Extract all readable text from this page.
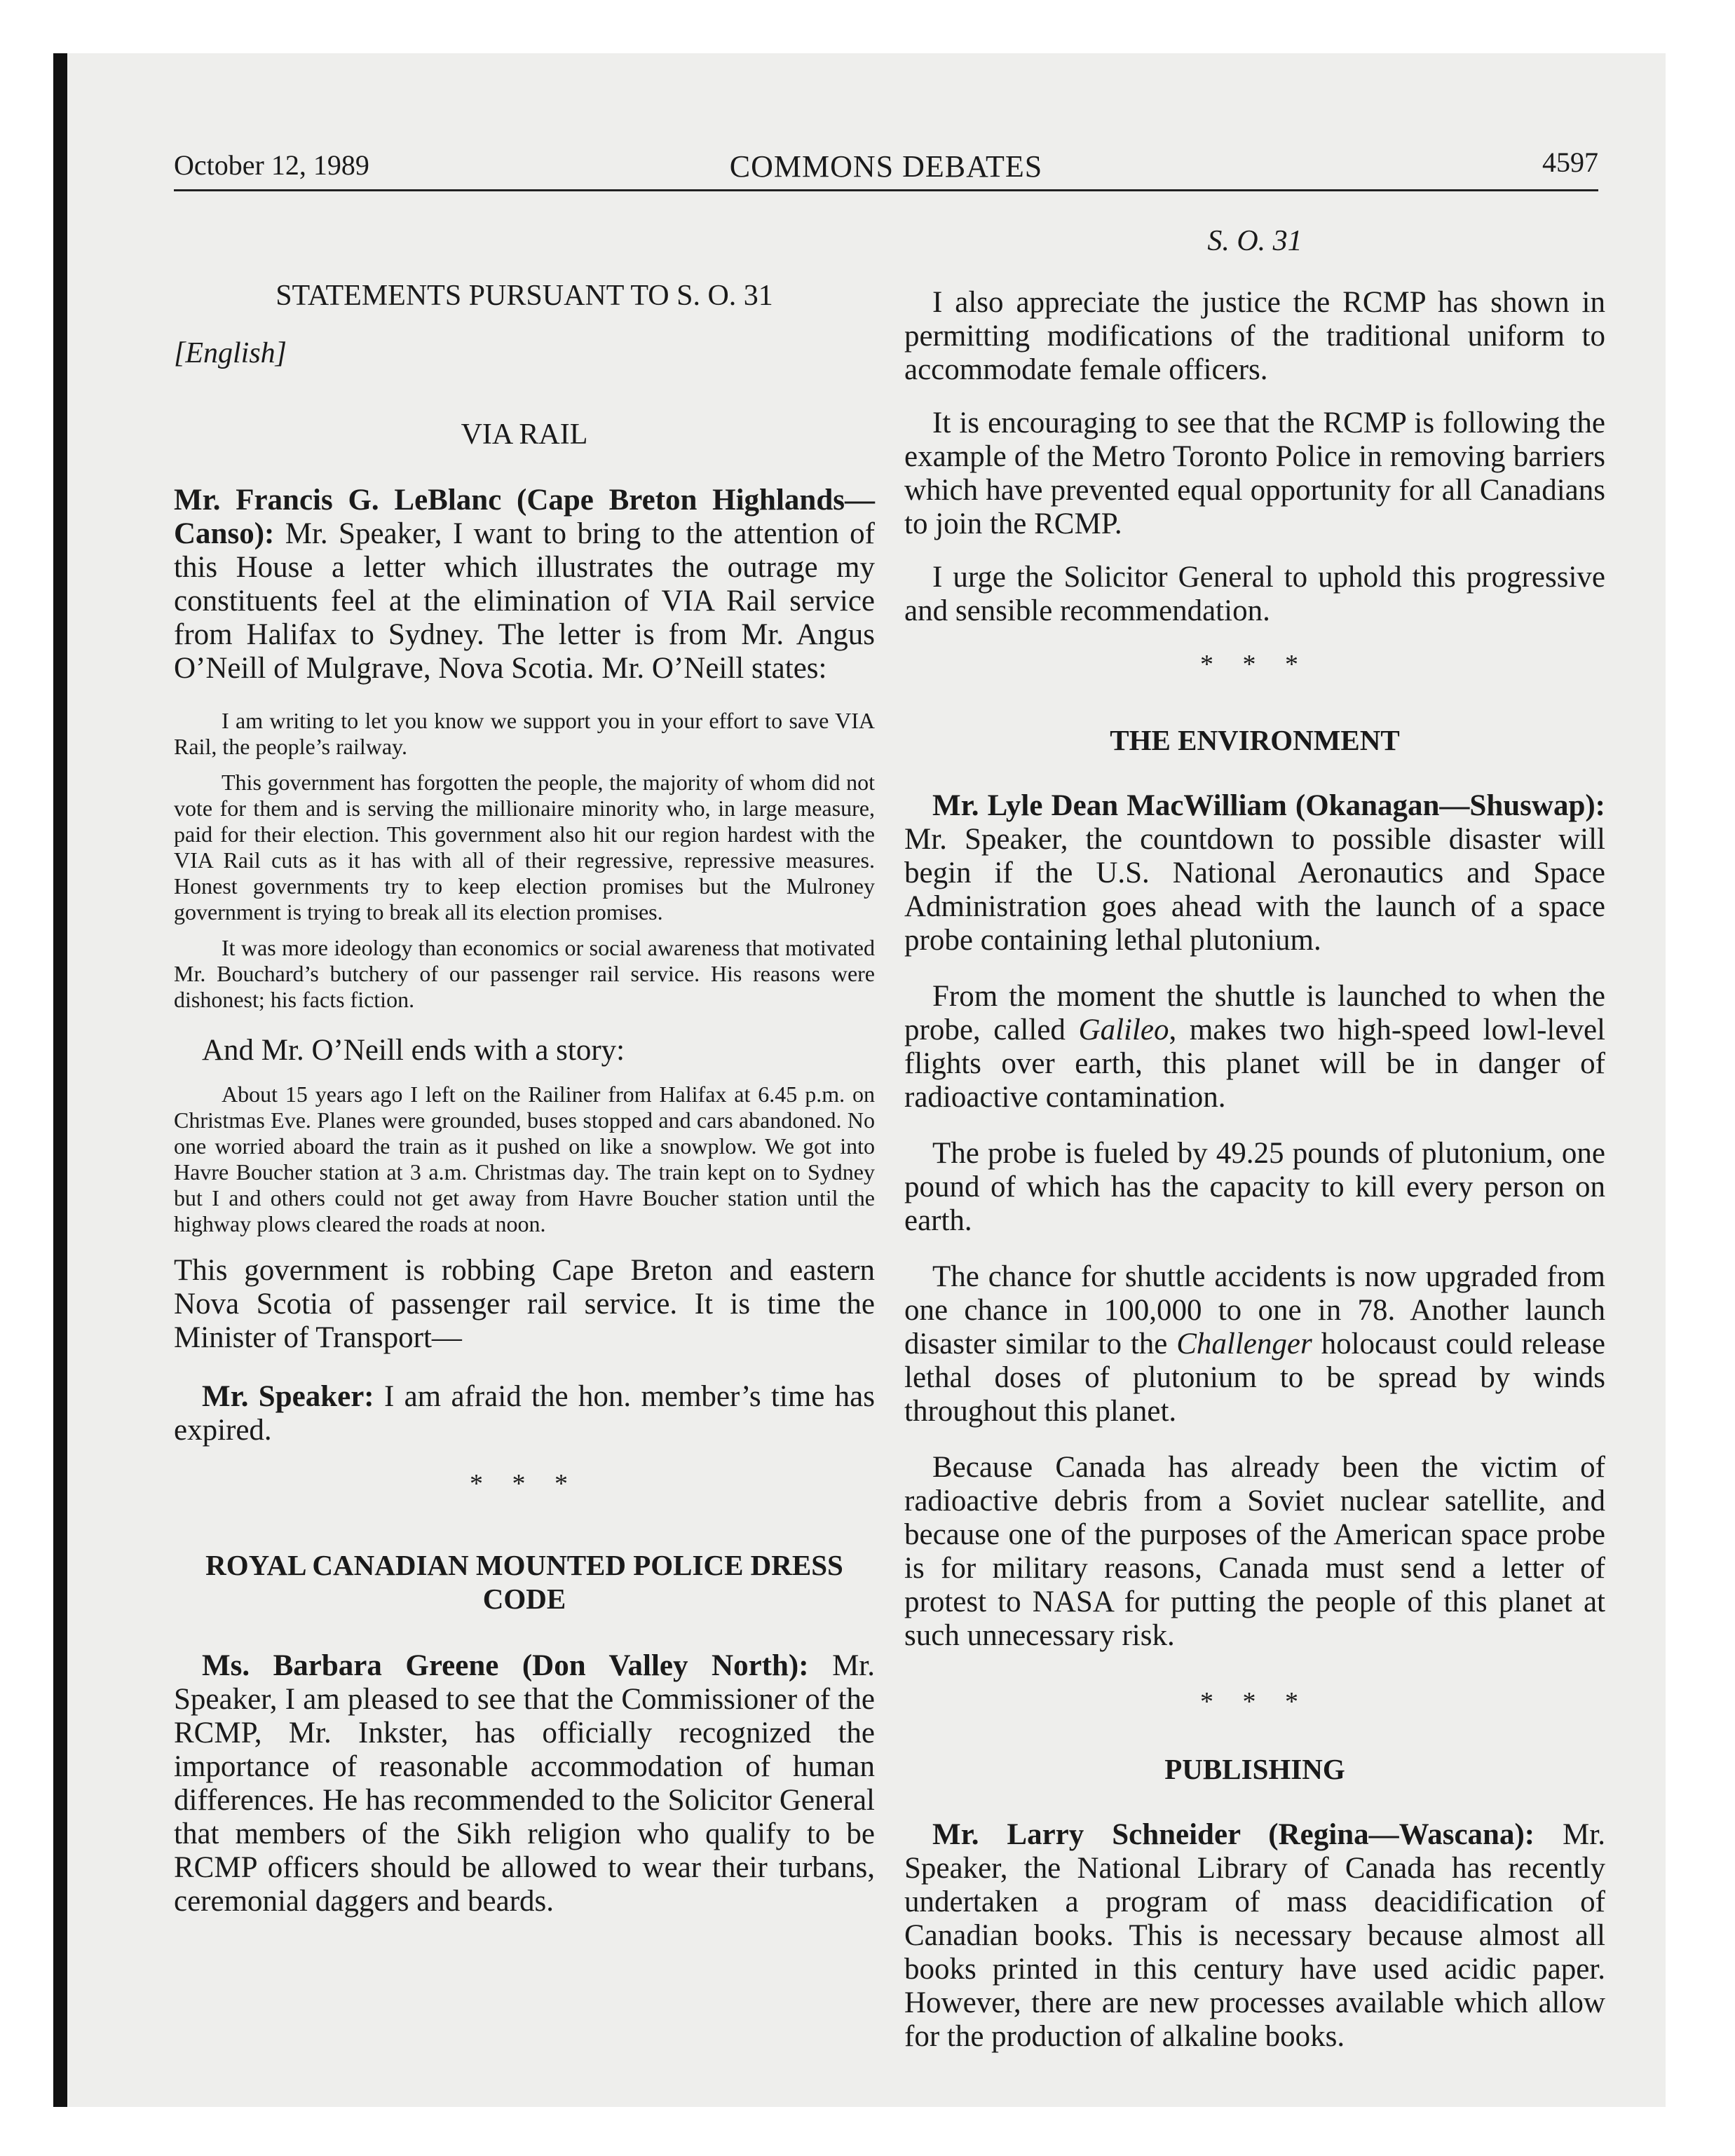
October 12, 1989	COMMONS DEBATES	4597
STATEMENTS PURSUANT TO S. O. 31
[English]
VIA RAIL

Mr. Francis G. LeBlanc (Cape Breton Highlands—Canso): Mr. Speaker, I want to bring to the attention of this House a letter which illustrates the outrage my constituents feel at the elimination of VIA Rail service from Halifax to Sydney. The letter is from Mr. Angus O’Neill of Mulgrave, Nova Scotia. Mr. O’Neill states:

I am writing to let you know we support you in your effort to save VIA Rail, the people’s railway.

This government has forgotten the people, the majority of whom did not vote for them and is serving the millionaire minority who, in large measure, paid for their election. This government also hit our region hardest with the VIA Rail cuts as it has with all of their regressive, repressive measures. Honest governments try to keep election promises but the Mulroney government is trying to break all its election promises.

It was more ideology than economics or social awareness that motivated Mr. Bouchard’s butchery of our passenger rail service. His reasons were dishonest; his facts fiction.

And Mr. O’Neill ends with a story:

About 15 years ago I left on the Railiner from Halifax at 6.45 p.m. on Christmas Eve. Planes were grounded, buses stopped and cars abandoned. No one worried aboard the train as it pushed on like a snowplow. We got into Havre Boucher station at 3 a.m. Christmas day. The train kept on to Sydney but I and others could not get away from Havre Boucher station until the highway plows cleared the roads at noon.

This government is robbing Cape Breton and eastern Nova Scotia of passenger rail service. It is time the Minister of Transport—

Mr. Speaker: I am afraid the hon. member’s time has expired.

* * *
ROYAL CANADIAN MOUNTED POLICE DRESS CODE

Ms. Barbara Greene (Don Valley North): Mr. Speaker, I am pleased to see that the Commissioner of the RCMP, Mr. Inkster, has officially recognized the importance of reasonable accommodation of human differences. He has recommended to the Solicitor General that members of the Sikh religion who qualify to be RCMP officers should be allowed to wear their turbans, ceremonial daggers and beards.

S. O. 31

I also appreciate the justice the RCMP has shown in permitting modifications of the traditional uniform to accommodate female officers.

It is encouraging to see that the RCMP is following the example of the Metro Toronto Police in removing barriers which have prevented equal opportunity for all Canadians to join the RCMP.

I urge the Solicitor General to uphold this progressive and sensible recommendation.

* * *
THE ENVIRONMENT

Mr. Lyle Dean MacWilliam (Okanagan—Shuswap): Mr. Speaker, the countdown to possible disaster will begin if the U.S. National Aeronautics and Space Administration goes ahead with the launch of a space probe containing lethal plutonium.

From the moment the shuttle is launched to when the probe, called Galileo, makes two high-speed lowl-level flights over earth, this planet will be in danger of radioactive contamination.

The probe is fueled by 49.25 pounds of plutonium, one pound of which has the capacity to kill every person on earth.

The chance for shuttle accidents is now upgraded from one chance in 100,000 to one in 78. Another launch disaster similar to the Challenger holocaust could release lethal doses of plutonium to be spread by winds throughout this planet.

Because Canada has already been the victim of radioactive debris from a Soviet nuclear satellite, and because one of the purposes of the American space probe is for military reasons, Canada must send a letter of protest to NASA for putting the people of this planet at such unnecessary risk.

* * *
PUBLISHING

Mr. Larry Schneider (Regina—Wascana): Mr. Speaker, the National Library of Canada has recently undertaken a program of mass deacidification of Canadian books. This is necessary because almost all books printed in this century have used acidic paper. However, there are new processes available which allow for the production of alkaline books.
